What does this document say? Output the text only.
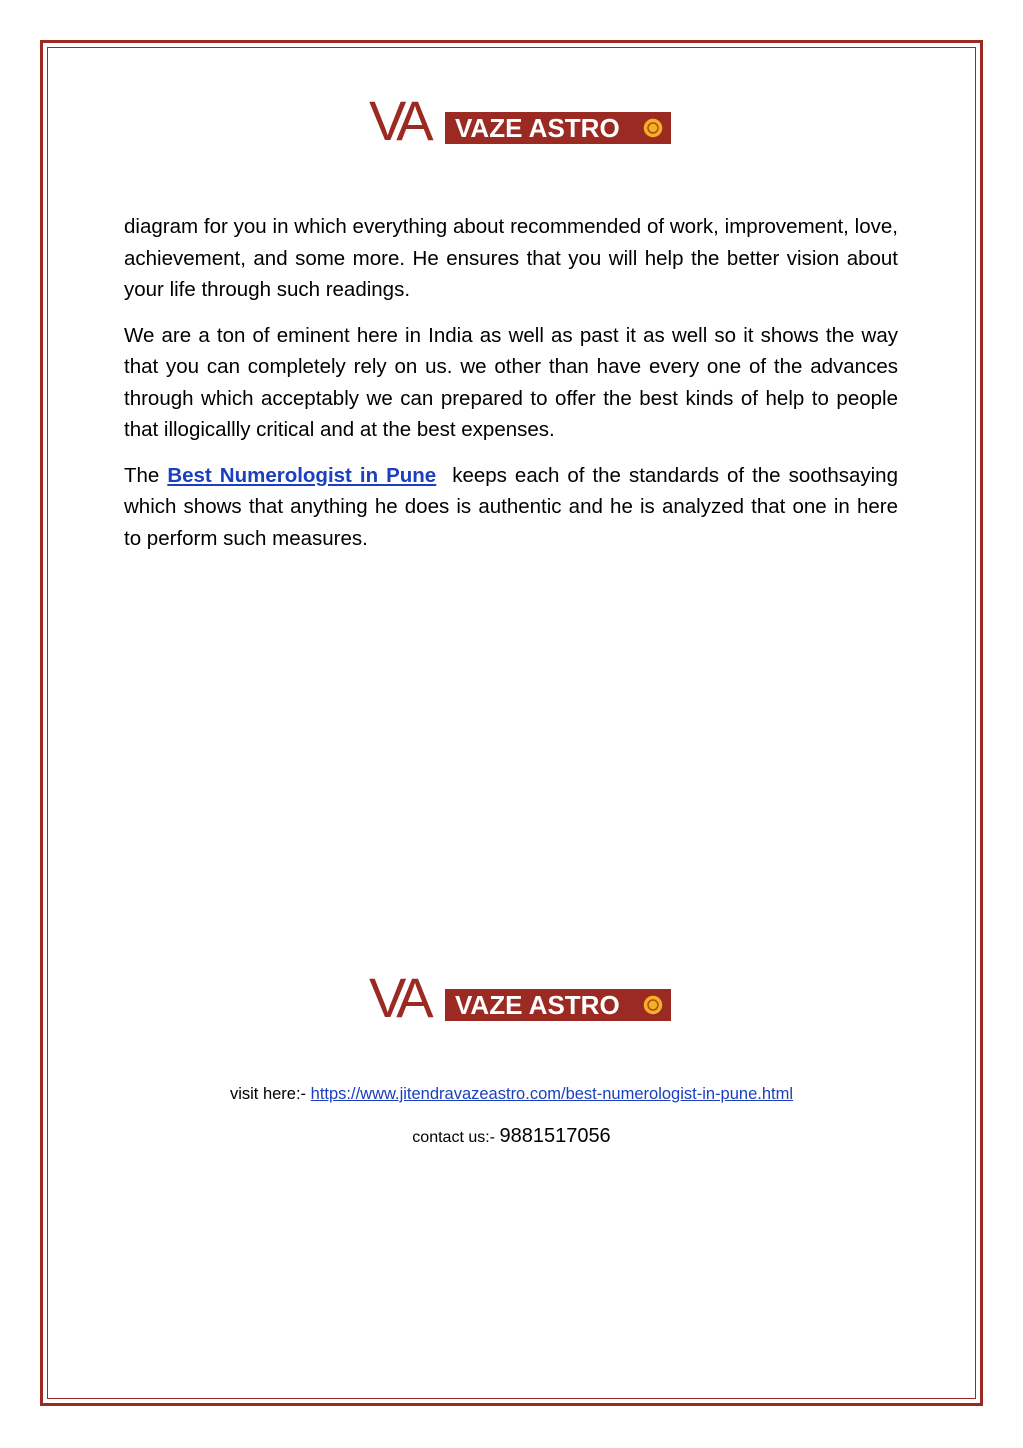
VA VAZE ASTRO

diagram for you in which everything about recommended of work, improvement, love, achievement, and some more. He ensures that you will help the better vision about your life through such readings.

We are a ton of eminent here in India as well as past it as well so it shows the way that you can completely rely on us. we other than have every one of the advances through which acceptably we can prepared to offer the best kinds of help to people that illogicallly critical and at the best expenses.

The Best Numerologist in Pune  keeps each of the standards of the soothsaying which shows that anything he does is authentic and he is analyzed that one in here to perform such measures.

VA VAZE ASTRO
visit here:- https://www.jitendravazeastro.com/best-numerologist-in-pune.html
contact us:- 9881517056
